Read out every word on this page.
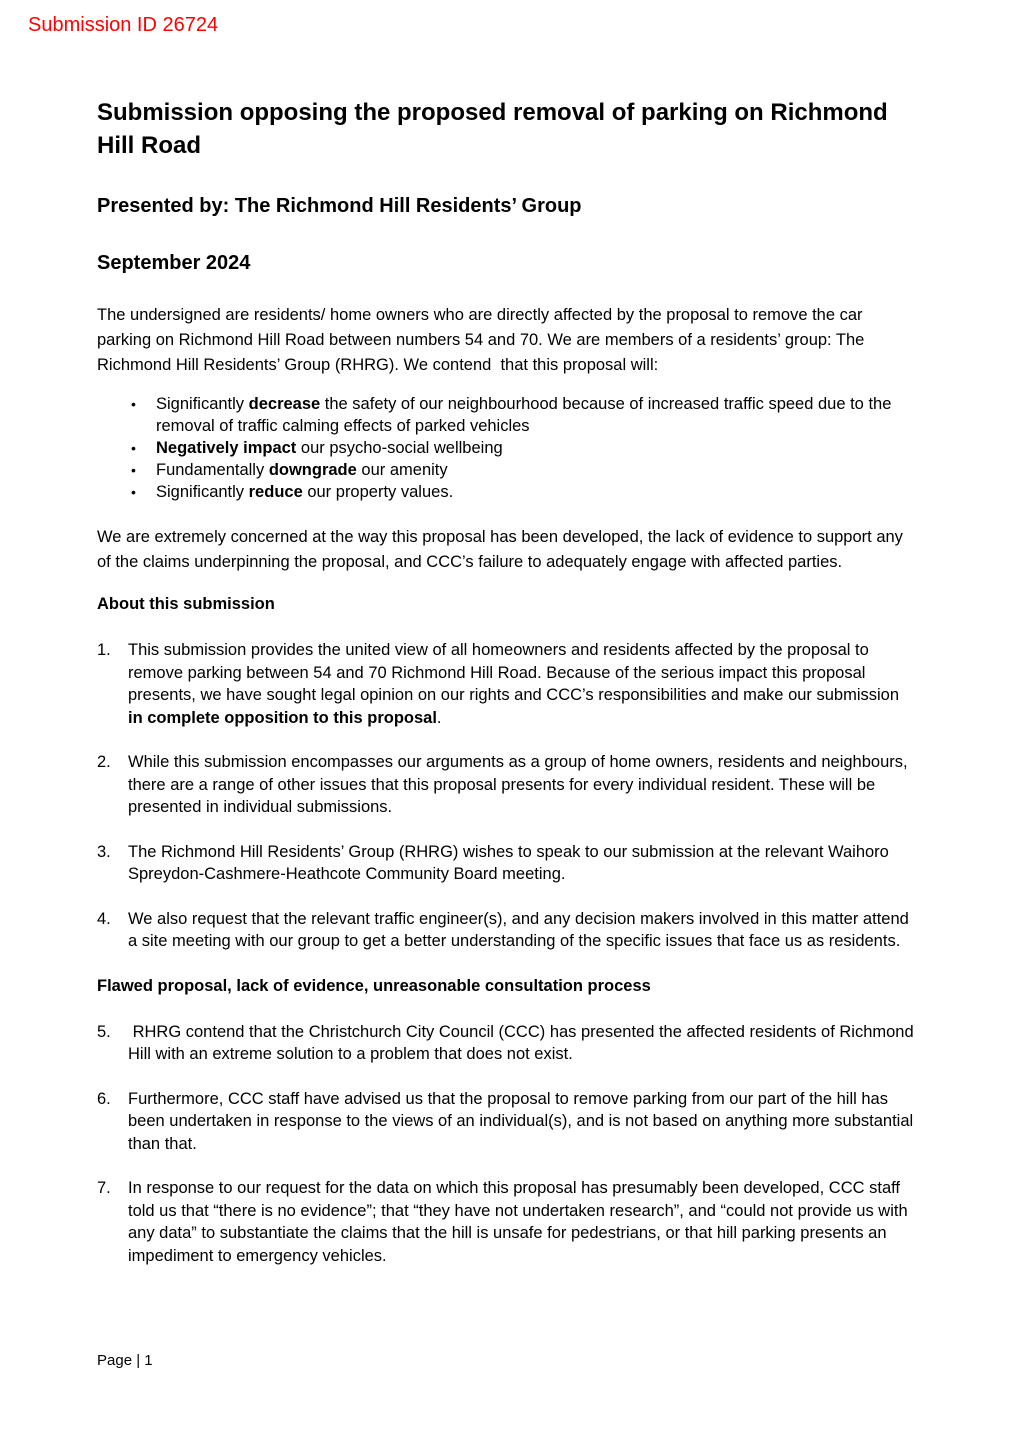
Submission ID 26724
Submission opposing the proposed removal of parking on Richmond Hill Road
Presented by: The Richmond Hill Residents’ Group
September 2024

The undersigned are residents/ home owners who are directly affected by the proposal to remove the car parking on Richmond Hill Road between numbers 54 and 70. We are members of a residents’ group: The Richmond Hill Residents’ Group (RHRG). We contend  that this proposal will:

•	Significantly decrease the safety of our neighbourhood because of increased traffic speed due to the removal of traffic calming effects of parked vehicles
•	Negatively impact our psycho-social wellbeing
•	Fundamentally downgrade our amenity
•	Significantly reduce our property values.

We are extremely concerned at the way this proposal has been developed, the lack of evidence to support any of the claims underpinning the proposal, and CCC’s failure to adequately engage with affected parties.

About this submission
1.	This submission provides the united view of all homeowners and residents affected by the proposal to remove parking between 54 and 70 Richmond Hill Road. Because of the serious impact this proposal presents, we have sought legal opinion on our rights and CCC’s responsibilities and make our submission in complete opposition to this proposal.
2.	While this submission encompasses our arguments as a group of home owners, residents and neighbours, there are a range of other issues that this proposal presents for every individual resident. These will be presented in individual submissions.
3.	The Richmond Hill Residents’ Group (RHRG) wishes to speak to our submission at the relevant Waihoro Spreydon-Cashmere-Heathcote Community Board meeting.
4.	We also request that the relevant traffic engineer(s), and any decision makers involved in this matter attend a site meeting with our group to get a better understanding of the specific issues that face us as residents.
Flawed proposal, lack of evidence, unreasonable consultation process
5.	RHRG contend that the Christchurch City Council (CCC) has presented the affected residents of Richmond Hill with an extreme solution to a problem that does not exist.
6.	Furthermore, CCC staff have advised us that the proposal to remove parking from our part of the hill has been undertaken in response to the views of an individual(s), and is not based on anything more substantial than that.
7.	In response to our request for the data on which this proposal has presumably been developed, CCC staff told us that “there is no evidence”; that “they have not undertaken research”, and “could not provide us with any data” to substantiate the claims that the hill is unsafe for pedestrians, or that hill parking presents an impediment to emergency vehicles.
Page | 1
